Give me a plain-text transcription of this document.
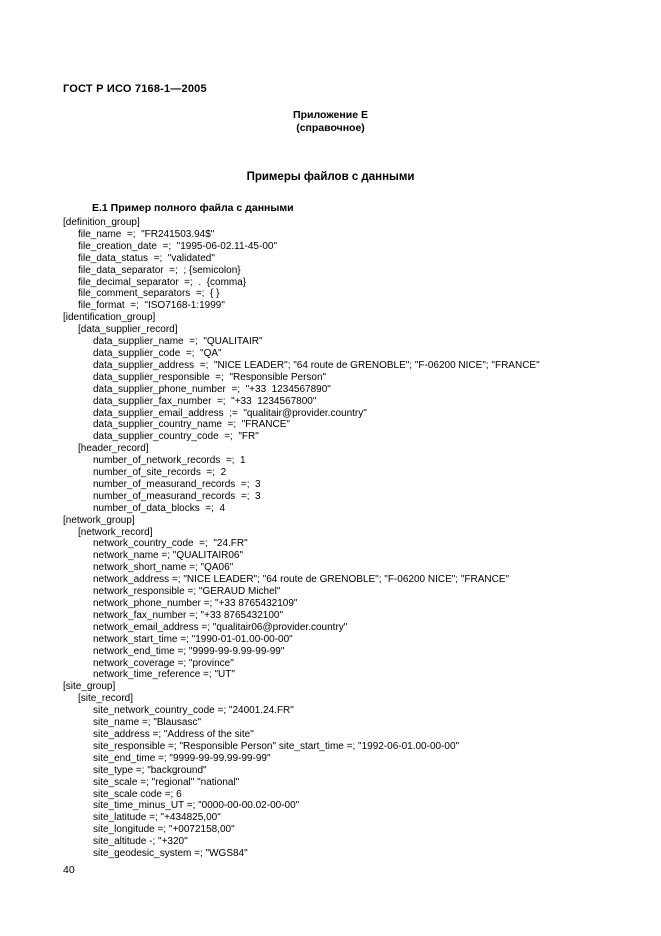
ГОСТ Р ИСО 7168-1—2005
Приложение Е
(справочное)
Примеры файлов с данными
Е.1 Пример полного файла с данными
[definition_group]
file_name  =;  "FR241503.94$"
file_creation_date  =;  "1995-06-02.11-45-00"
file_data_status  =;  "validated"
file_data_separator  =;  ; {semicolon}
file_decimal_separator  =;  .  {comma}
file_comment_separators  =;  { }
file_format  =;  "ISO7168-1:1999"
[identification_group]
[data_supplier_record]
data_supplier_name  =;  "QUALITAIR"
data_supplier_code  =;  "QA"
data_supplier_address  =;  "NICE LEADER"; "64 route de GRENOBLE"; "F-06200 NICE"; "FRANCE"
data_supplier_responsible  =;  "Responsible Person"
data_supplier_phone_number  =;  "+33  1234567890"
data_supplier_fax_number  =;  "+33  1234567800"
data_supplier_email_address  ;=  "qualitair@provider.country"
data_supplier_country_name  =;  "FRANCE"
data_supplier_country_code  =;  "FR"
[header_record]
number_of_network_records  =;  1
number_of_site_records  =;  2
number_of_measurand_records  =;  3
number_of_measurand_records  =;  3
number_of_data_blocks  =;  4
[network_group]
[network_record]
network_country_code  =;  "24.FR"
network_name =; "QUALITAIR06"
network_short_name =; "QA06"
network_address =; "NICE LEADER"; "64 route de GRENOBLE"; "F-06200 NICE"; "FRANCE"
network_responsible =; "GERAUD Michel"
network_phone_number =; "+33 8765432109"
network_fax_number =; "+33 8765432100"
network_email_address =; "qualitair06@provider.country"
network_start_time =; "1990-01-01.00-00-00"
network_end_time =; "9999-99-9.99-99-99"
network_coverage =; "province"
network_time_reference =; "UT"
[site_group]
[site_record]
site_network_country_code =; "24001.24.FR"
site_name =; "Blausasc"
site_address =; "Address of the site"
site_responsible =; "Responsible Person" site_start_time =; "1992-06-01.00-00-00"
site_end_time =; "9999-99-99.99-99-99"
site_type =; "background"
site_scale =; "regional" "national"
site_scale code =; 6
site_time_minus_UT =; "0000-00-00.02-00-00"
site_latitude =; "+434825,00"
site_longitude =; "+0072158,00"
site_altitude -; "+320"
site_geodesic_system =; "WGS84"
40
